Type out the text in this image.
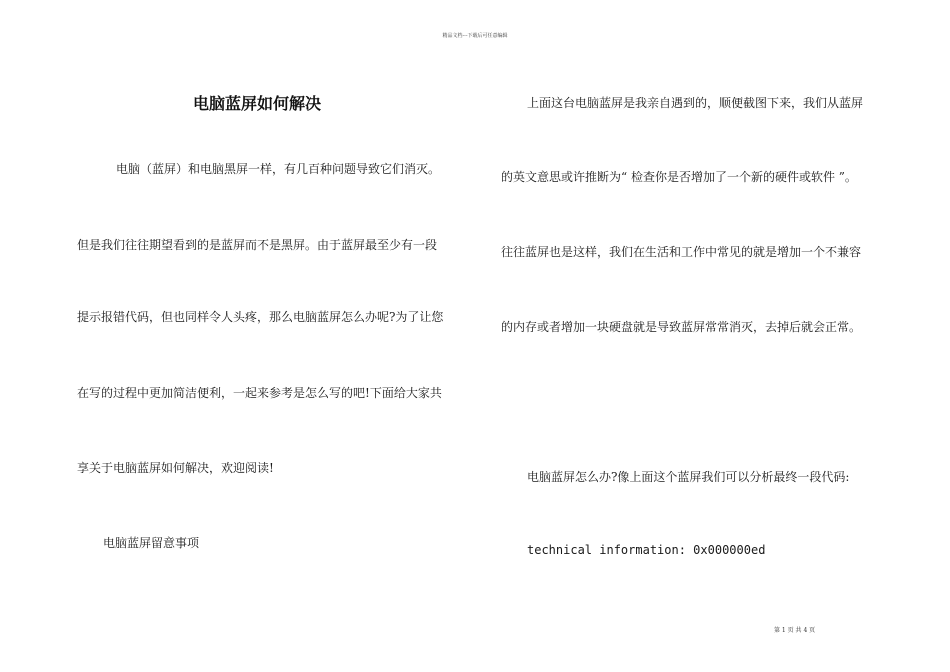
精品文档---下载后可任意编辑
电脑蓝屏如何解决
电脑（蓝屏）和电脑黑屏一样，有几百种问题导致它们消灭。
但是我们往往期望看到的是蓝屏而不是黑屏。由于蓝屏最至少有一段
提示报错代码，但也同样令人头疼，那么电脑蓝屏怎么办呢?为了让您
在写的过程中更加简洁便利，一起来参考是怎么写的吧!下面给大家共
享关于电脑蓝屏如何解决，欢迎阅读!
电脑蓝屏留意事项
上面这台电脑蓝屏是我亲自遇到的，顺便截图下来，我们从蓝屏
的英文意思或许推断为“ 检查你是否增加了一个新的硬件或软件 ”。
往往蓝屏也是这样，我们在生活和工作中常见的就是增加一个不兼容
的内存或者增加一块硬盘就是导致蓝屏常常消灭，去掉后就会正常。
电脑蓝屏怎么办?像上面这个蓝屏我们可以分析最终一段代码:
technical information: 0x000000ed
第 1 页 共 4 页
